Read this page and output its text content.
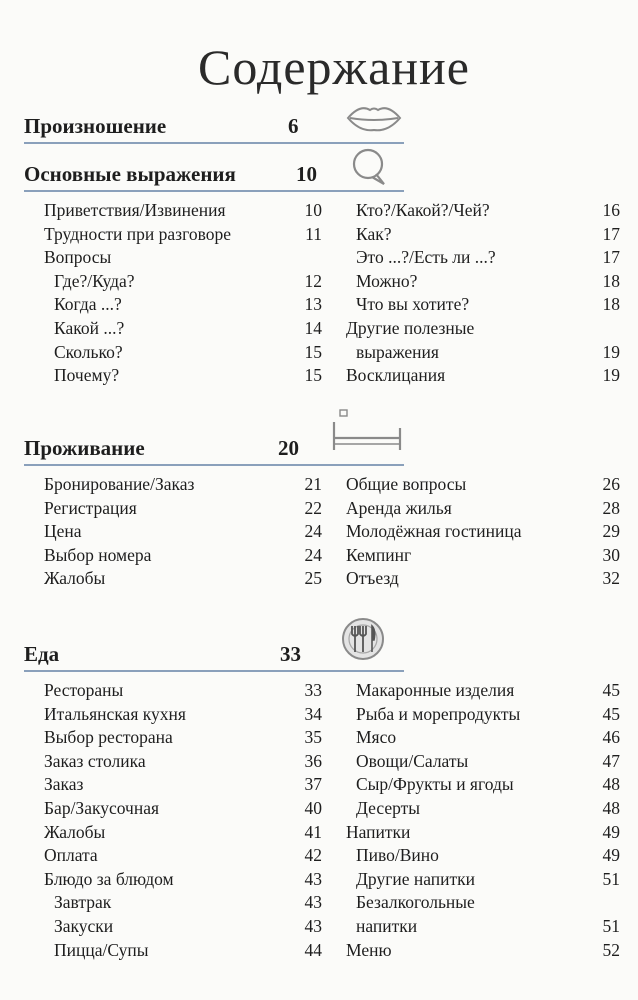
Содержание
Произношение	6
Основные выражения	10
Приветствия/Извинения	10
Трудности при разговоре	11
Вопросы
Где?/Куда?	12
Когда ...?	13
Какой ...?	14
Сколько?	15
Почему?	15
Кто?/Какой?/Чей?	16
Как?	17
Это ...?/Есть ли ...?	17
Можно?	18
Что вы хотите?	18
Другие полезные
выражения	19
Восклицания	19
Проживание	20
Бронирование/Заказ	21
Регистрация	22
Цена	24
Выбор номера	24
Жалобы	25
Общие вопросы	26
Аренда жилья	28
Молодёжная гостиница	29
Кемпинг	30
Отъезд	32
Еда	33
Рестораны	33
Итальянская кухня	34
Выбор ресторана	35
Заказ столика	36
Заказ	37
Бар/Закусочная	40
Жалобы	41
Оплата	42
Блюдо за блюдом	43
Завтрак	43
Закуски	43
Пицца/Супы	44
Макаронные изделия	45
Рыба и морепродукты	45
Мясо	46
Овощи/Салаты	47
Сыр/Фрукты и ягоды	48
Десерты	48
Напитки	49
Пиво/Вино	49
Другие напитки	51
Безалкогольные
напитки	51
Меню	52
